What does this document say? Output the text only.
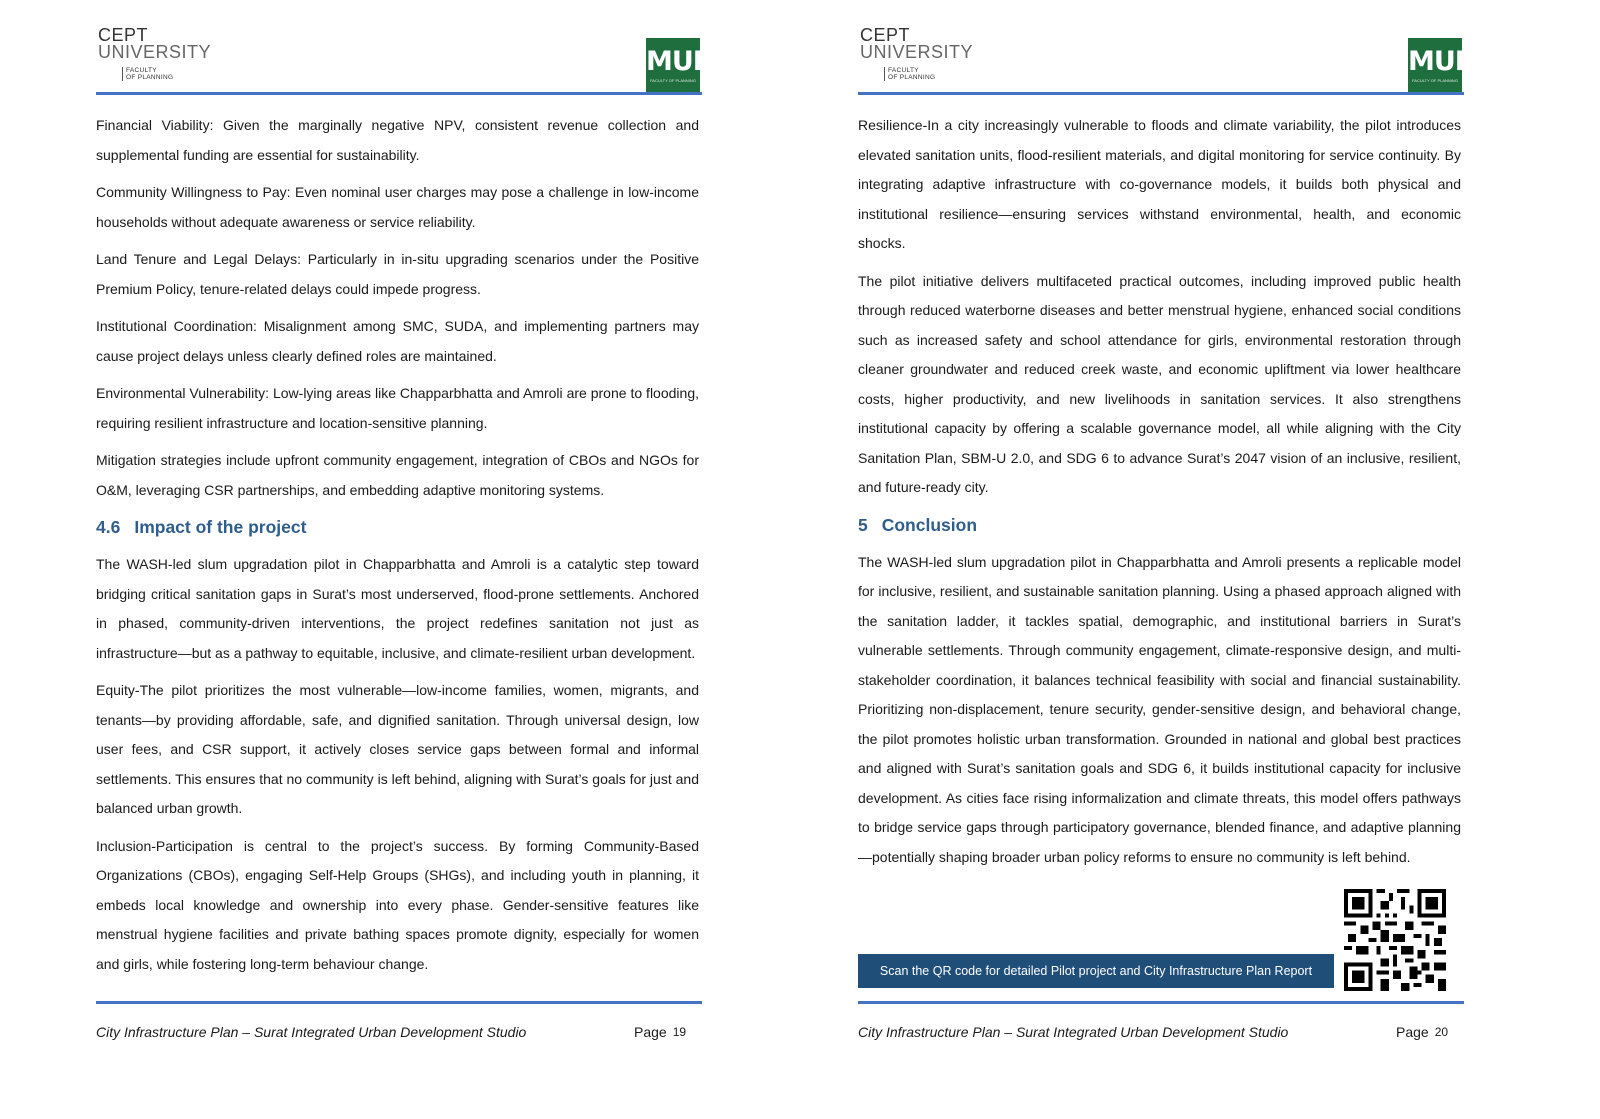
CEPT
UNIVERSITY
FACULTY
OF PLANNING
MUI
FACULTY OF PLANNING

Financial Viability: Given the marginally negative NPV, consistent revenue collection and supplemental funding are essential for sustainability.

Community Willingness to Pay: Even nominal user charges may pose a challenge in low-income households without adequate awareness or service reliability.

Land Tenure and Legal Delays: Particularly in in-situ upgrading scenarios under the Positive Premium Policy, tenure-related delays could impede progress.

Institutional Coordination: Misalignment among SMC, SUDA, and implementing partners may cause project delays unless clearly defined roles are maintained.

Environmental Vulnerability: Low-lying areas like Chapparbhatta and Amroli are prone to flooding, requiring resilient infrastructure and location-sensitive planning.

Mitigation strategies include upfront community engagement, integration of CBOs and NGOs for O&M, leveraging CSR partnerships, and embedding adaptive monitoring systems.

4.6 Impact of the project

The WASH-led slum upgradation pilot in Chapparbhatta and Amroli is a catalytic step toward bridging critical sanitation gaps in Surat’s most underserved, flood-prone settlements. Anchored in phased, community-driven interventions, the project redefines sanitation not just as infrastructure—but as a pathway to equitable, inclusive, and climate-resilient urban development.

Equity-The pilot prioritizes the most vulnerable—low-income families, women, migrants, and tenants—by providing affordable, safe, and dignified sanitation. Through universal design, low user fees, and CSR support, it actively closes service gaps between formal and informal settlements. This ensures that no community is left behind, aligning with Surat’s goals for just and balanced urban growth.

Inclusion-Participation is central to the project’s success. By forming Community-Based Organizations (CBOs), engaging Self-Help Groups (SHGs), and including youth in planning, it embeds local knowledge and ownership into every phase. Gender-sensitive features like menstrual hygiene facilities and private bathing spaces promote dignity, especially for women and girls, while fostering long-term behaviour change.

City Infrastructure Plan – Surat Integrated Urban Development Studio	Page 19
CEPT
UNIVERSITY
FACULTY
OF PLANNING
MUI
FACULTY OF PLANNING

Resilience-In a city increasingly vulnerable to floods and climate variability, the pilot introduces elevated sanitation units, flood-resilient materials, and digital monitoring for service continuity. By integrating adaptive infrastructure with co-governance models, it builds both physical and institutional resilience—ensuring services withstand environmental, health, and economic shocks.

The pilot initiative delivers multifaceted practical outcomes, including improved public health through reduced waterborne diseases and better menstrual hygiene, enhanced social conditions such as increased safety and school attendance for girls, environmental restoration through cleaner groundwater and reduced creek waste, and economic upliftment via lower healthcare costs, higher productivity, and new livelihoods in sanitation services. It also strengthens institutional capacity by offering a scalable governance model, all while aligning with the City Sanitation Plan, SBM-U 2.0, and SDG 6 to advance Surat’s 2047 vision of an inclusive, resilient, and future-ready city.

5 Conclusion

The WASH-led slum upgradation pilot in Chapparbhatta and Amroli presents a replicable model for inclusive, resilient, and sustainable sanitation planning. Using a phased approach aligned with the sanitation ladder, it tackles spatial, demographic, and institutional barriers in Surat’s vulnerable settlements. Through community engagement, climate-responsive design, and multi-stakeholder coordination, it balances technical feasibility with social and financial sustainability. Prioritizing non-displacement, tenure security, gender-sensitive design, and behavioral change, the pilot promotes holistic urban transformation. Grounded in national and global best practices and aligned with Surat’s sanitation goals and SDG 6, it builds institutional capacity for inclusive development. As cities face rising informalization and climate threats, this model offers pathways to bridge service gaps through participatory governance, blended finance, and adaptive planning—potentially shaping broader urban policy reforms to ensure no community is left behind.

Scan the QR code for detailed Pilot project and City Infrastructure Plan Report
City Infrastructure Plan – Surat Integrated Urban Development Studio	Page 20
